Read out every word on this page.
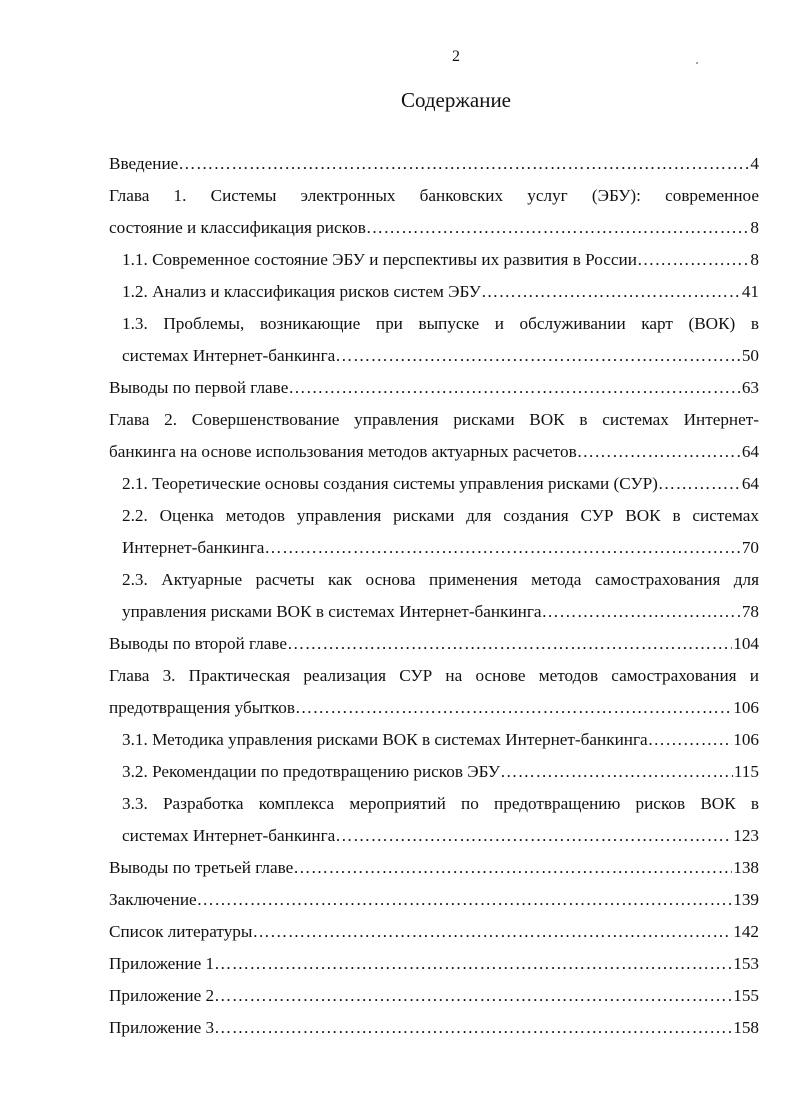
2
Содержание
Введение …………………………………………………………………………………………………………………………………………………………………………………………	4
Глава 1. Системы электронных банковских услуг (ЭБУ): современное
состояние и классификация рисков …………………………………………………………………………………………………………………………………………………………………………………………	8
1.1. Современное состояние ЭБУ и перспективы их развития в России …………………………………………………………………………………………………………………………………………………………………………………………	8
1.2. Анализ и классификация рисков систем ЭБУ …………………………………………………………………………………………………………………………………………………………………………………………	41
1.3. Проблемы, возникающие при выпуске и обслуживании карт (ВОК) в
системах Интернет-банкинга …………………………………………………………………………………………………………………………………………………………………………………………	50
Выводы по первой главе …………………………………………………………………………………………………………………………………………………………………………………………	63
Глава 2. Совершенствование управления рисками ВОК в системах Интернет-
банкинга на основе использования методов актуарных расчетов …………………………………………………………………………………………………………………………………………………………………………………………	64
2.1. Теоретические основы создания системы управления рисками (СУР) …………………………………………………………………………………………………………………………………………………………………………………………	64
2.2. Оценка методов управления рисками для создания СУР ВОК в системах
Интернет-банкинга …………………………………………………………………………………………………………………………………………………………………………………………	70
2.3. Актуарные расчеты как основа применения метода самострахования для
управления рисками ВОК в системах Интернет-банкинга …………………………………………………………………………………………………………………………………………………………………………………………	78
Выводы по второй главе …………………………………………………………………………………………………………………………………………………………………………………………	104
Глава 3. Практическая реализация СУР на основе методов самострахования и
предотвращения убытков …………………………………………………………………………………………………………………………………………………………………………………………	106
3.1. Методика управления рисками ВОК в системах Интернет-банкинга …………………………………………………………………………………………………………………………………………………………………………………………	106
3.2. Рекомендации по предотвращению рисков ЭБУ …………………………………………………………………………………………………………………………………………………………………………………………	115
3.3. Разработка комплекса мероприятий по предотвращению рисков ВОК в
системах Интернет-банкинга …………………………………………………………………………………………………………………………………………………………………………………………	123
Выводы по третьей главе …………………………………………………………………………………………………………………………………………………………………………………………	138
Заключение …………………………………………………………………………………………………………………………………………………………………………………………	139
Список литературы …………………………………………………………………………………………………………………………………………………………………………………………	142
Приложение 1 …………………………………………………………………………………………………………………………………………………………………………………………	153
Приложение 2 …………………………………………………………………………………………………………………………………………………………………………………………	155
Приложение 3 …………………………………………………………………………………………………………………………………………………………………………………………	158
